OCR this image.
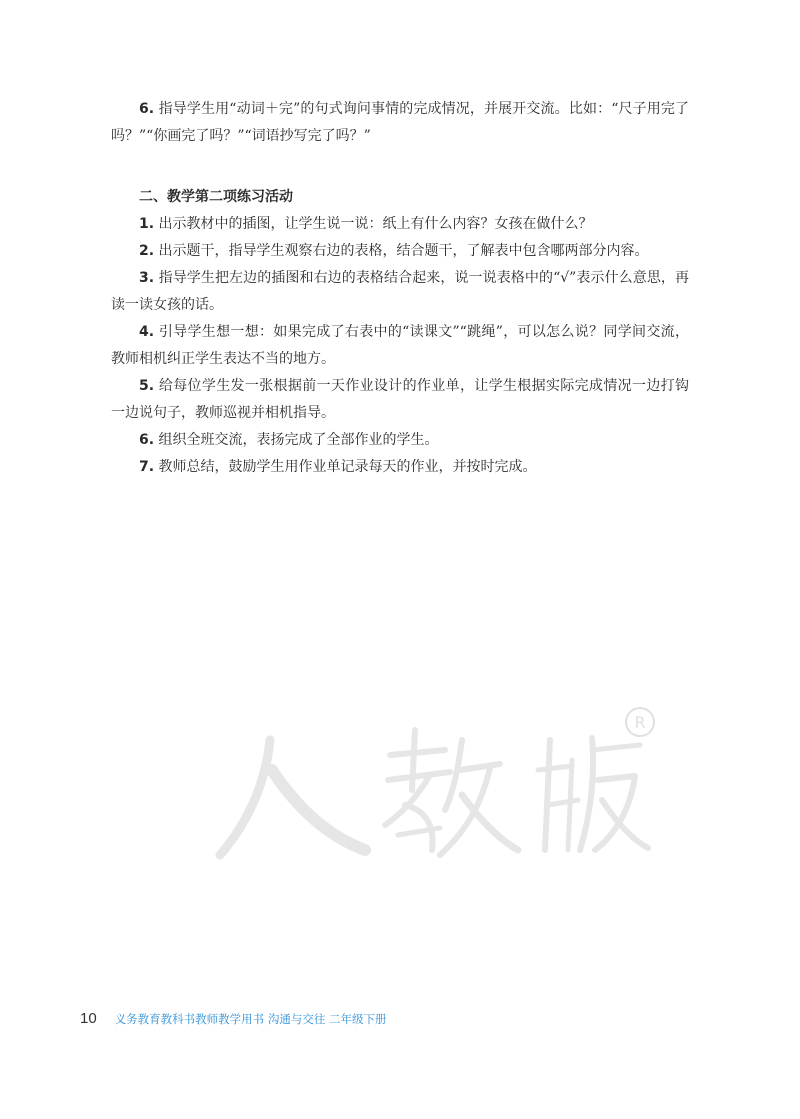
6. 指导学生用“动词＋完”的句式询问事情的完成情况，并展开交流。比如：“尺子用完了吗？”“你画完了吗？”“词语抄写完了吗？”

二、教学第二项练习活动

1. 出示教材中的插图，让学生说一说：纸上有什么内容？女孩在做什么？

2. 出示题干，指导学生观察右边的表格，结合题干，了解表中包含哪两部分内容。

3. 指导学生把左边的插图和右边的表格结合起来，说一说表格中的“√”表示什么意思，再读一读女孩的话。

4. 引导学生想一想：如果完成了右表中的“读课文”“跳绳”，可以怎么说？同学间交流，教师相机纠正学生表达不当的地方。

5. 给每位学生发一张根据前一天作业设计的作业单，让学生根据实际完成情况一边打钩一边说句子，教师巡视并相机指导。

6. 组织全班交流，表扬完成了全部作业的学生。

7. 教师总结，鼓励学生用作业单记录每天的作业，并按时完成。

R
10 义务教育教科书教师教学用书 沟通与交往 二年级下册
